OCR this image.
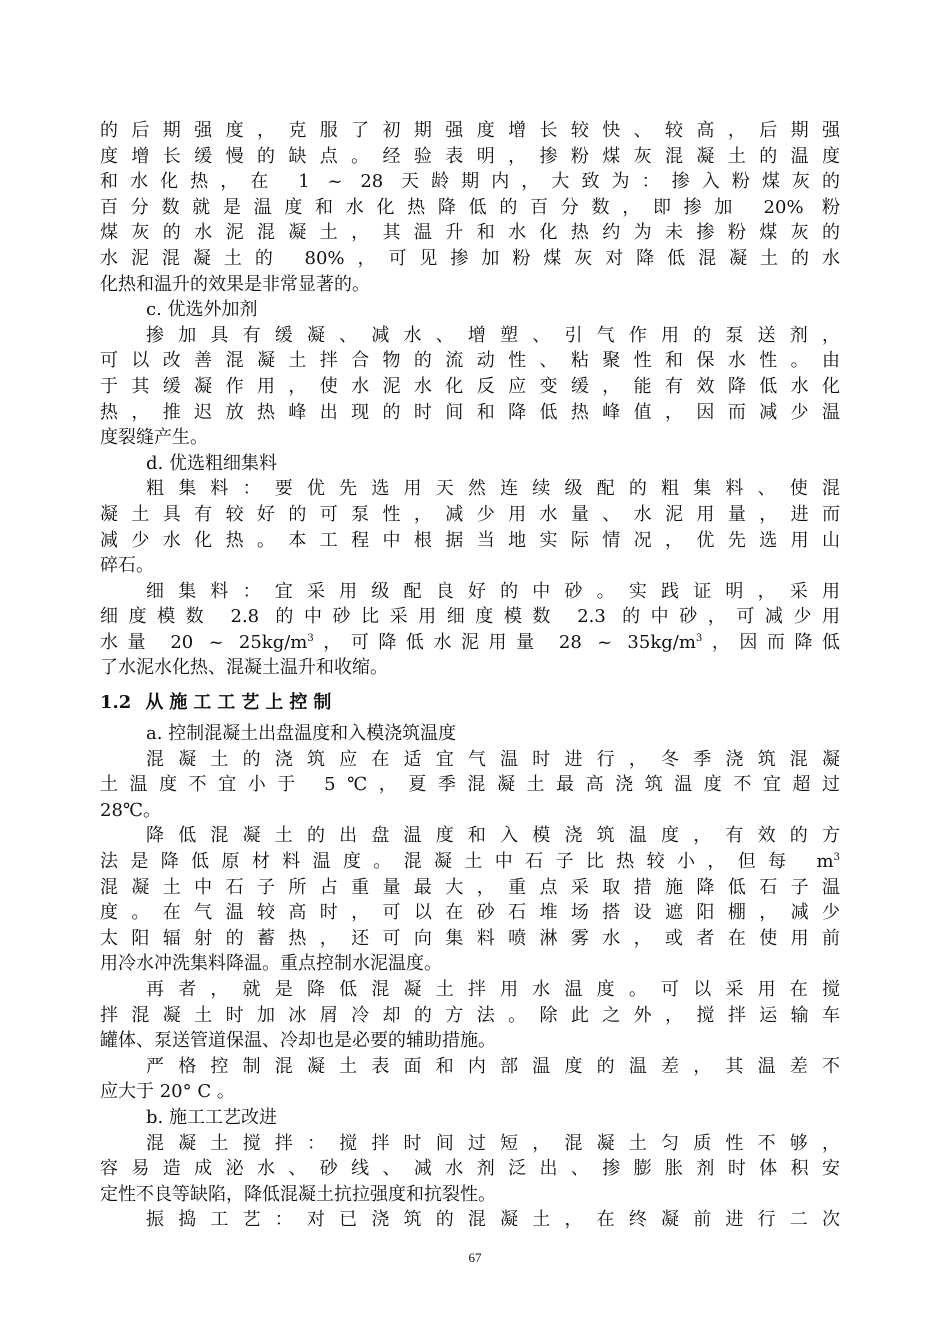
的后期强度，克服了初期强度增长较快、较高，后期强
度增长缓慢的缺点。经验表明，掺粉煤灰混凝土的温度
和水化热，在 1 ~ 28 天龄期内，大致为：掺入粉煤灰的
百分数就是温度和水化热降低的百分数，即掺加 20% 粉
煤灰的水泥混凝土，其温升和水化热约为未掺粉煤灰的
水泥混凝土的 80%，可见掺加粉煤灰对降低混凝土的水
化热和温升的效果是非常显著的。
c. 优选外加剂
掺加具有缓凝、减水、增塑、引气作用的泵送剂，
可以改善混凝土拌合物的流动性、粘聚性和保水性。由
于其缓凝作用，使水泥水化反应变缓，能有效降低水化
热，推迟放热峰出现的时间和降低热峰值，因而减少温
度裂缝产生。
d. 优选粗细集料
粗集料：要优先选用天然连续级配的粗集料、使混
凝土具有较好的可泵性，减少用水量、水泥用量，进而
减少水化热。本工程中根据当地实际情况，优先选用山
碎石。
细集料：宜采用级配良好的中砂。实践证明，采用
细度模数 2.8 的中砂比采用细度模数 2.3 的中砂，可减少用
水量 20 ~ $25kg/m^3$，可降低水泥用量 28 ~ $35kg/m^3$，因而降低
了水泥水化热、混凝土温升和收缩。
1.2 从施工工艺上控制
a. 控制混凝土出盘温度和入模浇筑温度
混凝土的浇筑应在适宜气温时进行，冬季浇筑混凝
土温度不宜小于 5℃，夏季混凝土最高浇筑温度不宜超过
28℃。
降低混凝土的出盘温度和入模浇筑温度，有效的方
法是降低原材料温度。混凝土中石子比热较小，但每 $m^3$
混凝土中石子所占重量最大，重点采取措施降低石子温
度。在气温较高时，可以在砂石堆场搭设遮阳棚，减少
太阳辐射的蓄热，还可向集料喷淋雾水，或者在使用前
用冷水冲洗集料降温。重点控制水泥温度。
再者，就是降低混凝土拌用水温度。可以采用在搅
拌混凝土时加冰屑冷却的方法。除此之外，搅拌运输车
罐体、泵送管道保温、冷却也是必要的辅助措施。
严格控制混凝土表面和内部温度的温差，其温差不
应大于 20° C 。
b. 施工工艺改进
混凝土搅拌：搅拌时间过短，混凝土匀质性不够，
容易造成泌水、砂线、减水剂泛出、掺膨胀剂时体积安
定性不良等缺陷，降低混凝土抗拉强度和抗裂性。
振捣工艺：对已浇筑的混凝土，在终凝前进行二次
67
